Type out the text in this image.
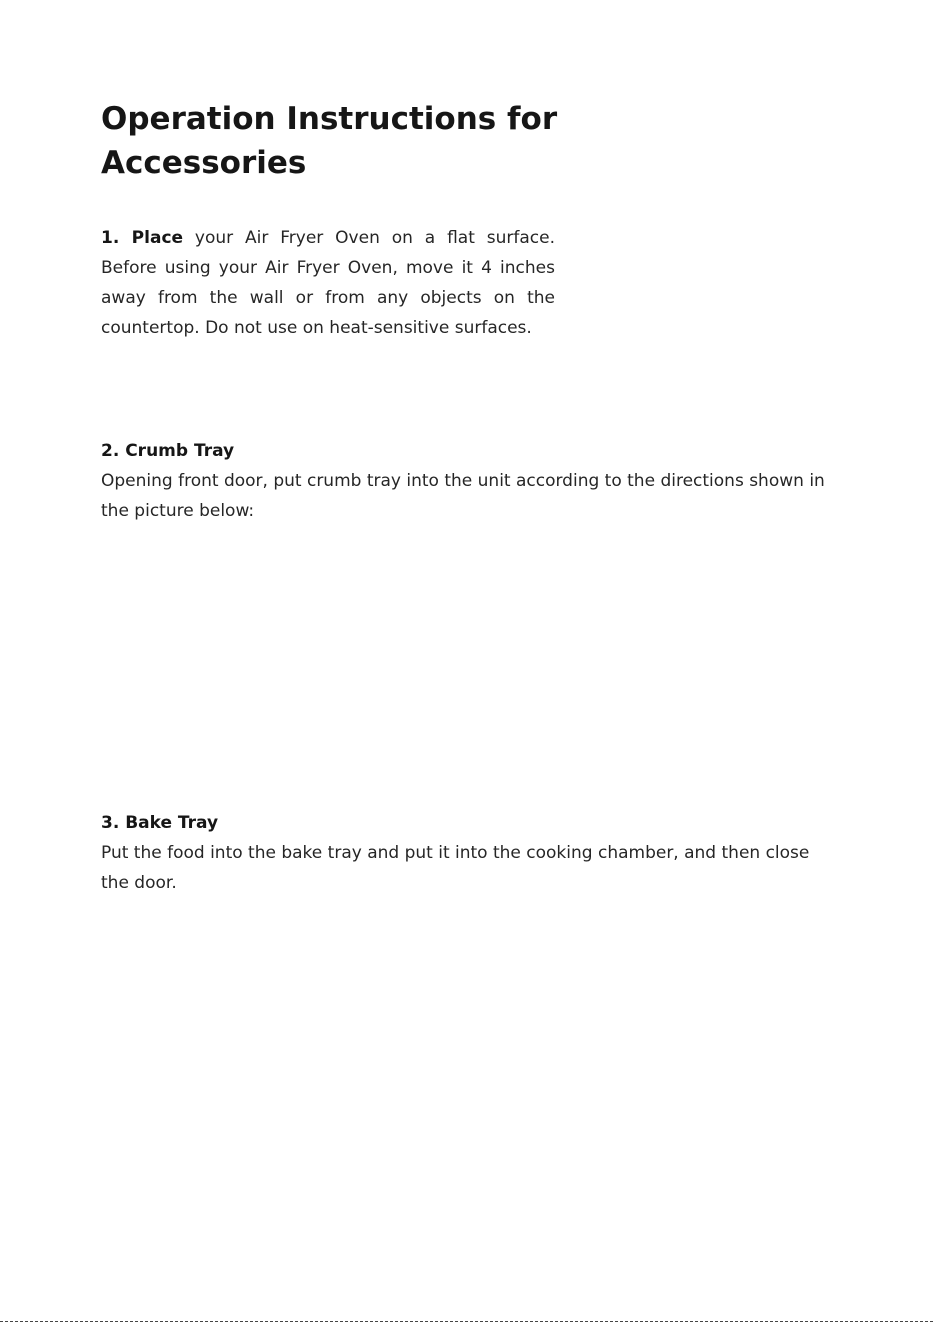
Operation Instructions for Accessories

1. Place your Air Fryer Oven on a flat surface. Before using your Air Fryer Oven, move it 4 inches away from the wall or from any objects on the countertop. Do not use on heat-sensitive surfaces.

2. Crumb Tray
Opening front door, put crumb tray into the unit according to the directions shown in the picture below:
3. Bake Tray
Put the food into the bake tray and put it into the cooking chamber, and then close the door.
